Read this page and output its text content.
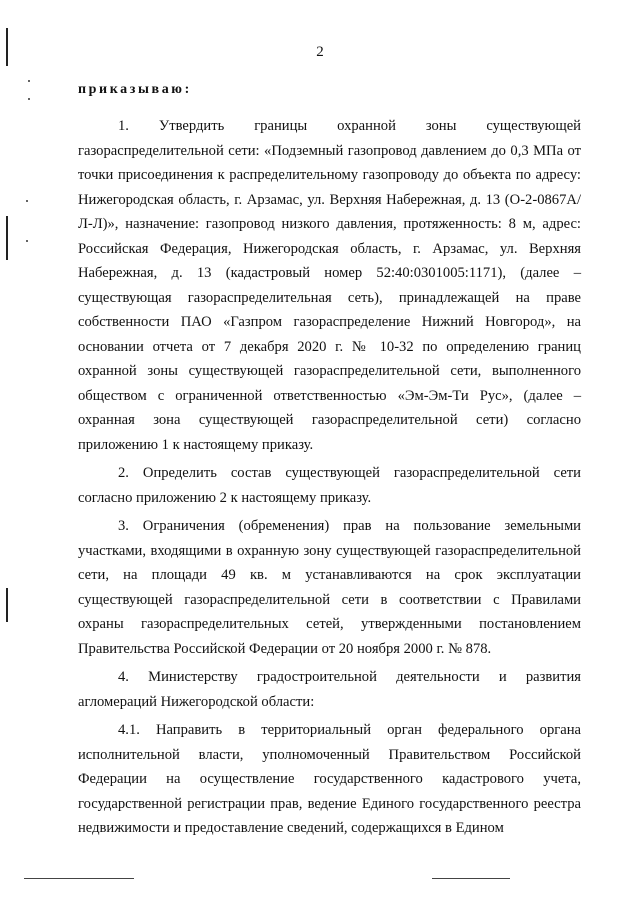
2
приказываю:

1. Утвердить границы охранной зоны существующей газораспределительной сети: «Подземный газопровод давлением до 0,3 МПа от точки присоединения к распределительному газопроводу до объекта по адресу: Нижегородская область, г. Арзамас, ул. Верхняя Набережная, д. 13 (О-2-0867А/Л-Л)», назначение: газопровод низкого давления, протяженность: 8 м, адрес: Российская Федерация, Нижегородская область, г. Арзамас, ул. Верхняя Набережная, д. 13 (кадастровый номер 52:40:0301005:1171), (далее – существующая газораспределительная сеть), принадлежащей на праве собственности ПАО «Газпром газораспределение Нижний Новгород», на основании отчета от 7 декабря 2020 г. № 10-32 по определению границ охранной зоны существующей газораспределительной сети, выполненного обществом с ограниченной ответственностью «Эм-Эм-Ти Рус», (далее – охранная зона существующей газораспределительной сети) согласно приложению 1 к настоящему приказу.

2. Определить состав существующей газораспределительной сети согласно приложению 2 к настоящему приказу.

3. Ограничения (обременения) прав на пользование земельными участками, входящими в охранную зону существующей газораспределительной сети, на площади 49 кв. м устанавливаются на срок эксплуатации существующей газораспределительной сети в соответствии с Правилами охраны газораспределительных сетей, утвержденными постановлением Правительства Российской Федерации от 20 ноября 2000 г. № 878.

4. Министерству градостроительной деятельности и развития агломераций Нижегородской области:

4.1. Направить в территориальный орган федерального органа исполнительной власти, уполномоченный Правительством Российской Федерации на осуществление государственного кадастрового учета, государственной регистрации прав, ведение Единого государственного реестра недвижимости и предоставление сведений, содержащихся в Едином
